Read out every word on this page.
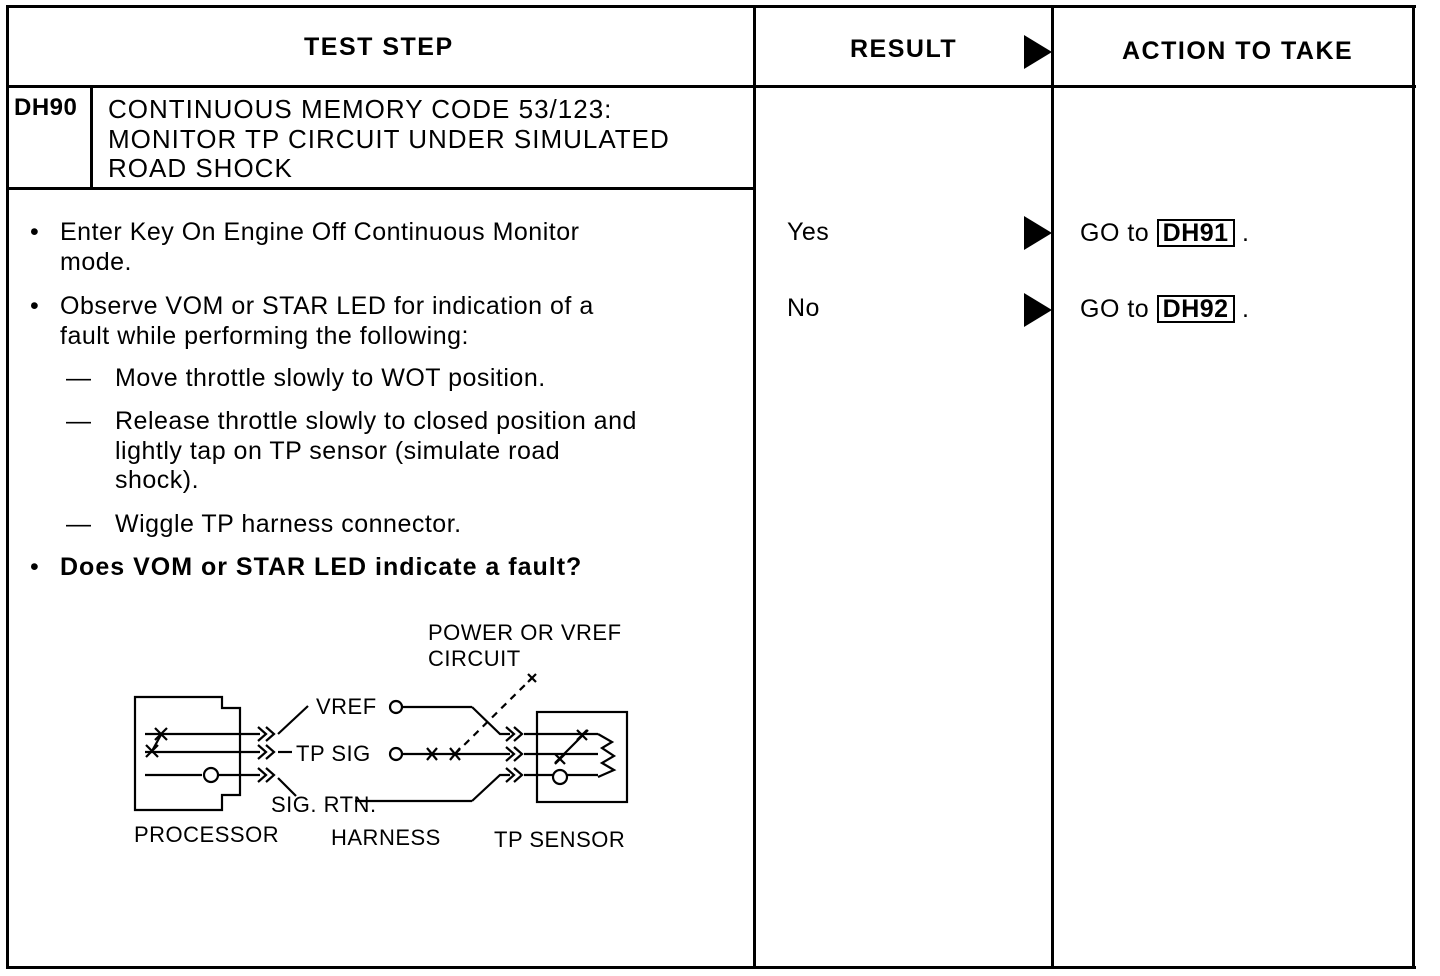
TEST STEP	RESULT	ACTION TO TAKE
DH90 CONTINUOUS MEMORY CODE 53/123:
MONITOR TP CIRCUIT UNDER SIMULATED
ROAD SHOCK
• Enter Key On Engine Off Continuous Monitor
mode.
• Observe VOM or STAR LED for indication of a
fault while performing the following:
— Move throttle slowly to WOT position.
— Release throttle slowly to closed position and
lightly tap on TP sensor (simulate road
shock).
— Wiggle TP harness connector.
• Does VOM or STAR LED indicate a fault?
Yes	GO to DH91 .
No	GO to DH92 .
POWER OR VREF
CIRCUIT
VREF
TP SIG
SIG. RTN.
PROCESSOR HARNESS TP SENSOR
